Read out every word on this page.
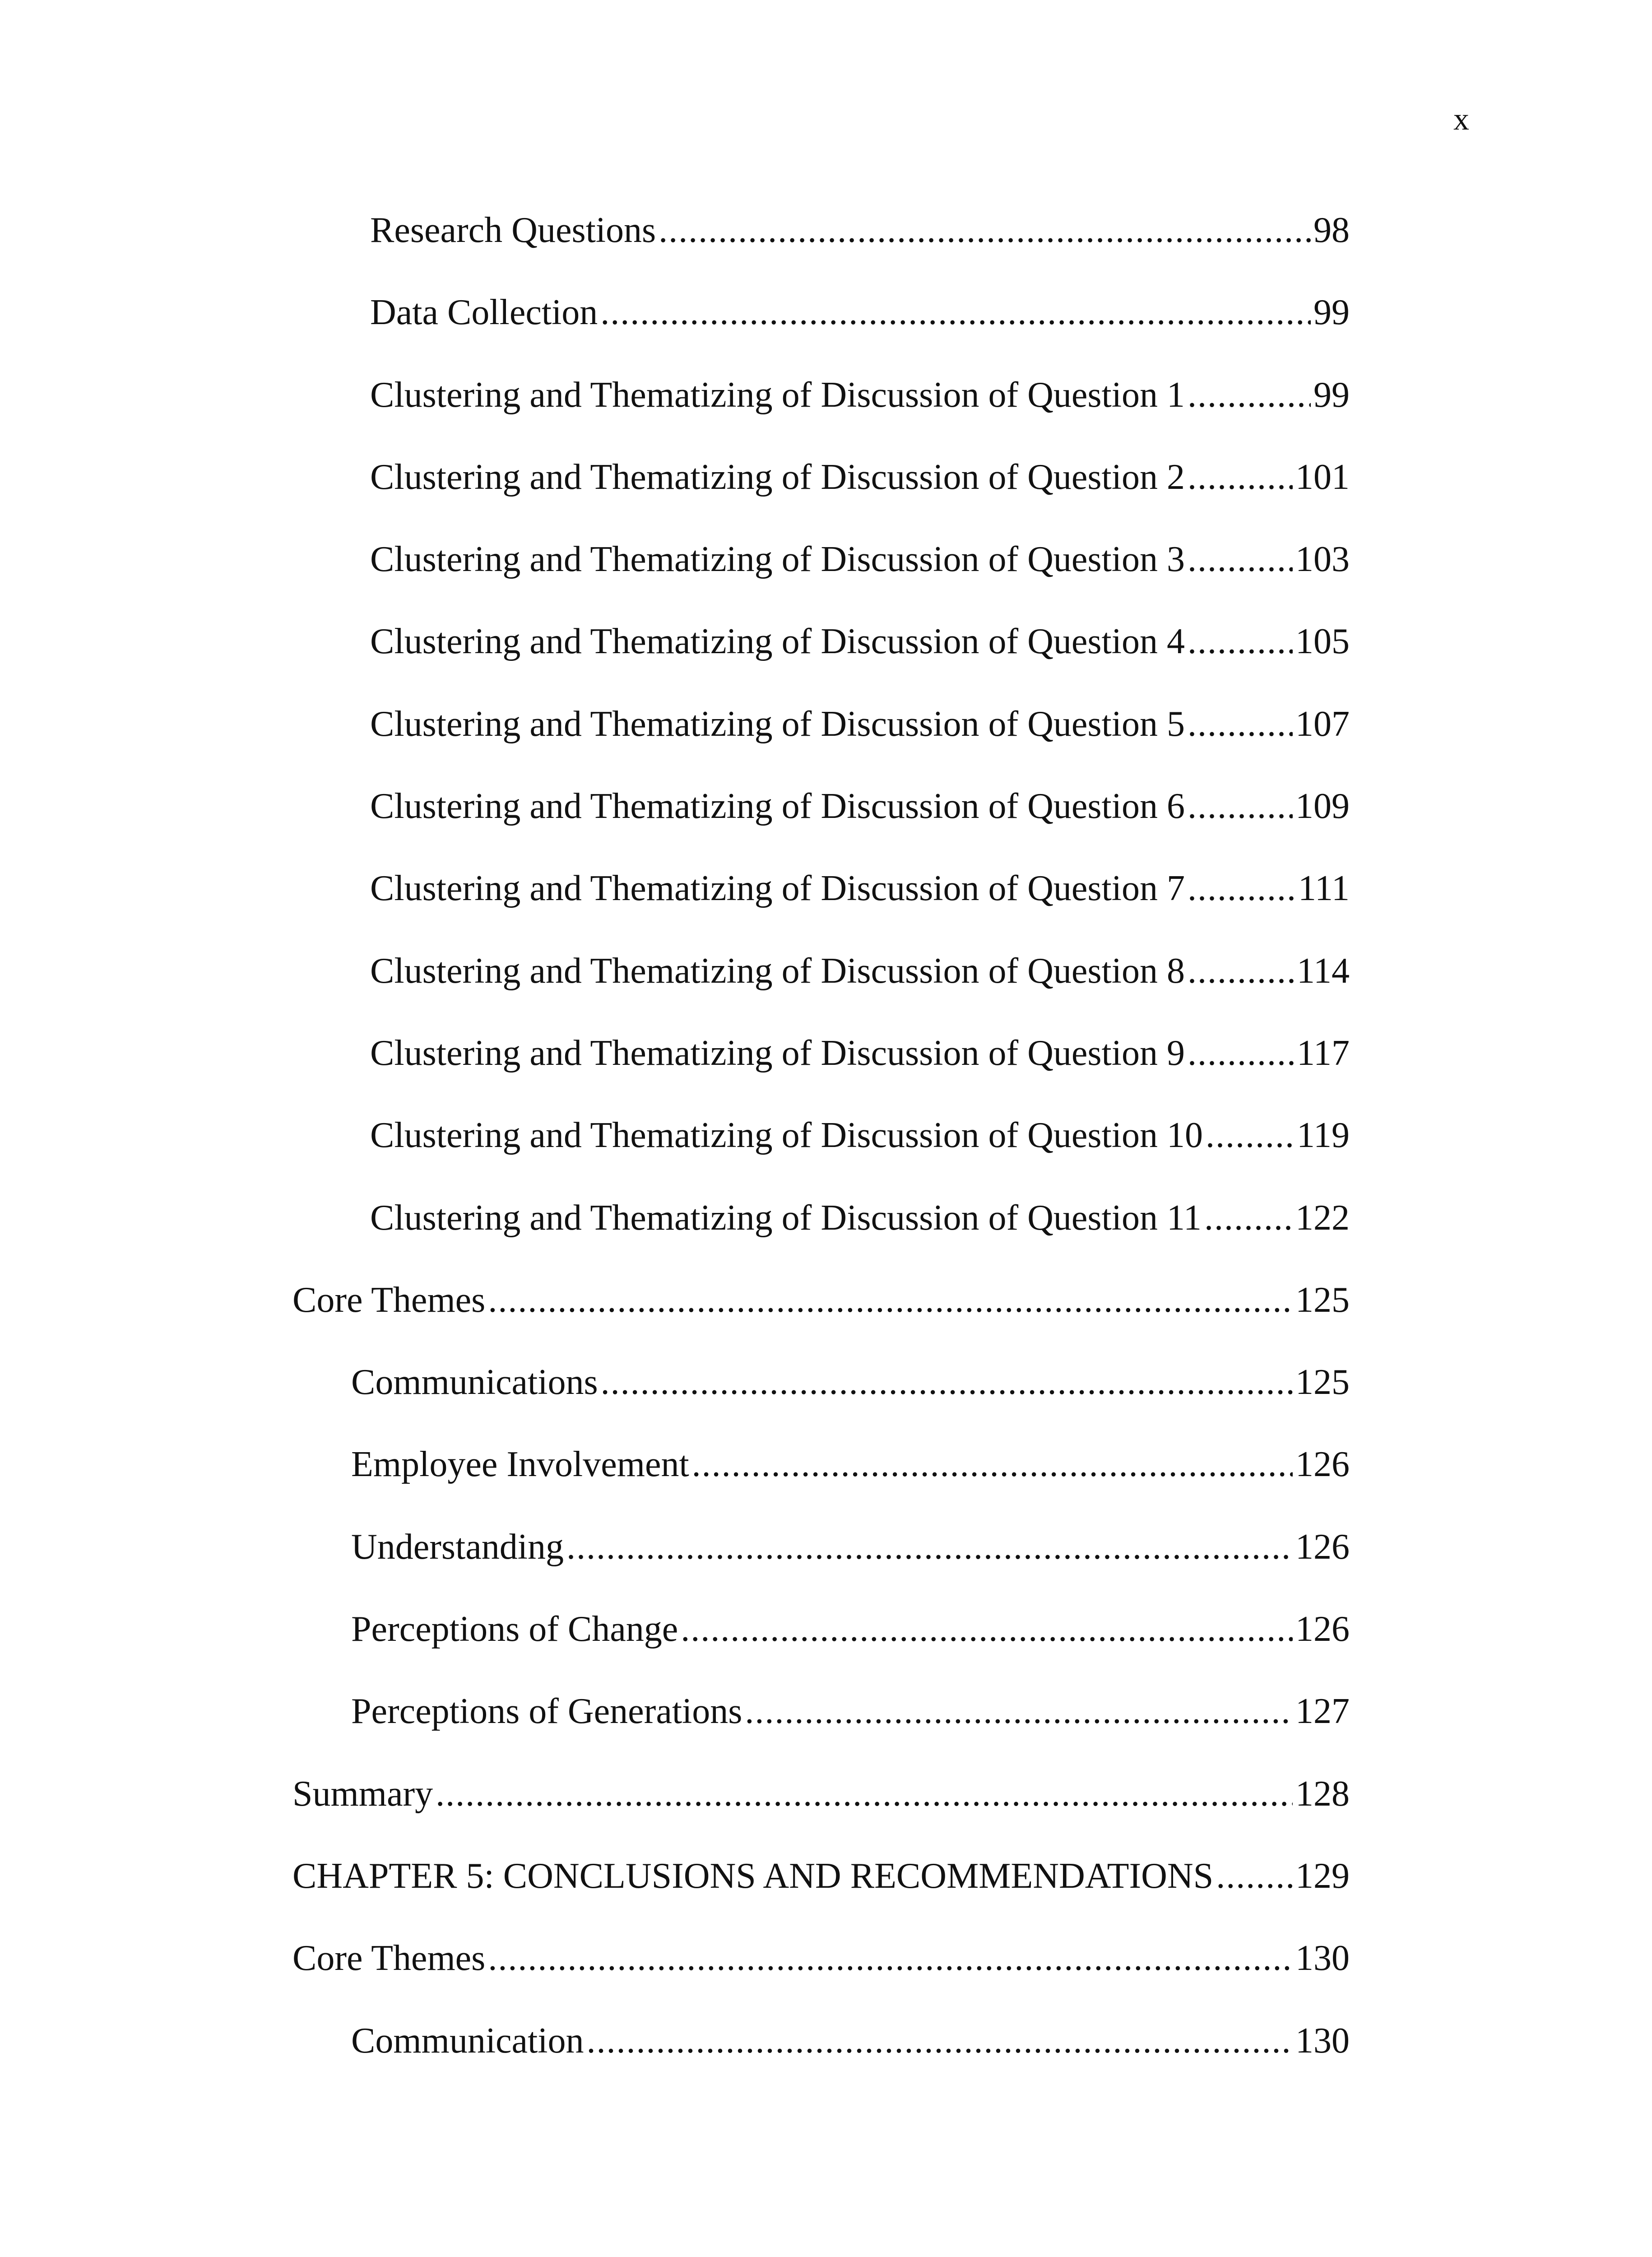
x
Research Questions .....	98
Data Collection .....	99
Clustering and Thematizing of Discussion of Question 1 .....	99
Clustering and Thematizing of Discussion of Question 2 .....	101
Clustering and Thematizing of Discussion of Question 3 .....	103
Clustering and Thematizing of Discussion of Question 4 .....	105
Clustering and Thematizing of Discussion of Question 5 .....	107
Clustering and Thematizing of Discussion of Question 6 .....	109
Clustering and Thematizing of Discussion of Question 7 .....	111
Clustering and Thematizing of Discussion of Question 8 .....	114
Clustering and Thematizing of Discussion of Question 9 .....	117
Clustering and Thematizing of Discussion of Question 10 .....	119
Clustering and Thematizing of Discussion of Question 11 .....	122
Core Themes .....	125
Communications .....	125
Employee Involvement .....	126
Understanding .....	126
Perceptions of Change .....	126
Perceptions of Generations .....	127
Summary .....	128
CHAPTER 5: CONCLUSIONS AND RECOMMENDATIONS ..... 129
Core Themes .....	130
Communication .....	130
